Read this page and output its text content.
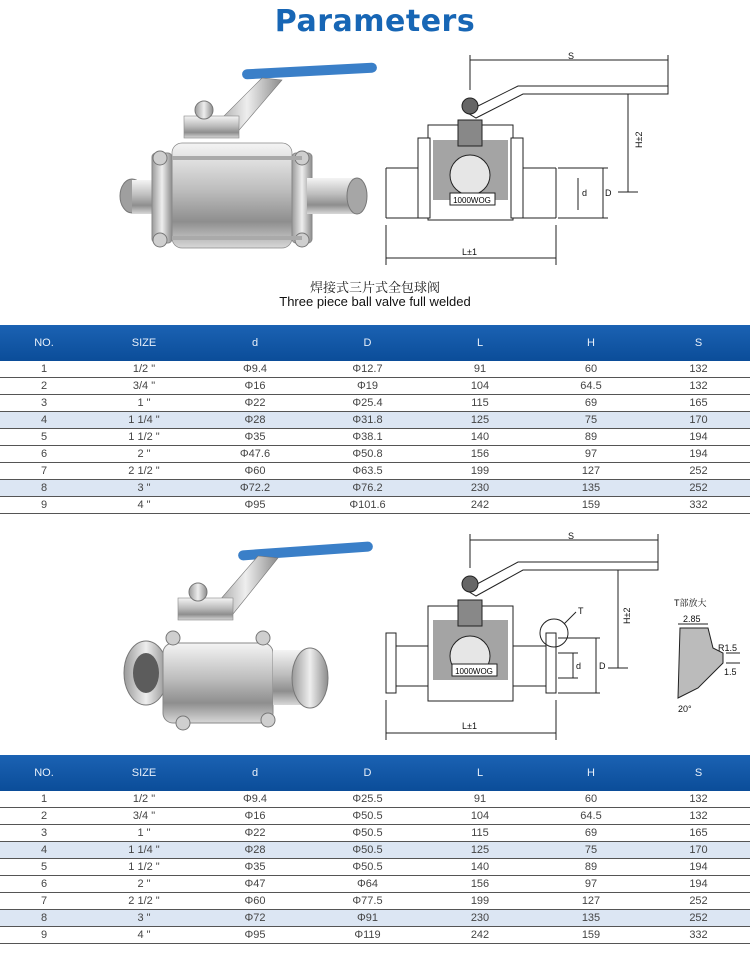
Parameters
1000WOG
S
H±2
L±1
d D
焊接式三片式全包球阀
Three piece ball valve full welded
NO.	SIZE	d	D	L	H	S
1	1/2 "	Φ9.4	Φ12.7	91	60	132
2	3/4 "	Φ16	Φ19	104	64.5	132
3	1 "	Φ22	Φ25.4	115	69	165
4	1 1/4 "	Φ28	Φ31.8	125	75	170
5	1 1/2 "	Φ35	Φ38.1	140	89	194
6	2 "	Φ47.6	Φ50.8	156	97	194
7	2 1/2 "	Φ60	Φ63.5	199	127	252
8	3 "	Φ72.2	Φ76.2	230	135	252
9	4 "	Φ95	Φ101.6	242	159	332
1000WOG
S
H±2
L±1
d D
T
T部放大
2.85
R1.5
1.5
20°
NO.	SIZE	d	D	L	H	S
1	1/2 "	Φ9.4	Φ25.5	91	60	132
2	3/4 "	Φ16	Φ50.5	104	64.5	132
3	1 "	Φ22	Φ50.5	115	69	165
4	1 1/4 "	Φ28	Φ50.5	125	75	170
5	1 1/2 "	Φ35	Φ50.5	140	89	194
6	2 "	Φ47	Φ64	156	97	194
7	2 1/2 "	Φ60	Φ77.5	199	127	252
8	3 "	Φ72	Φ91	230	135	252
9	4 "	Φ95	Φ119	242	159	332
